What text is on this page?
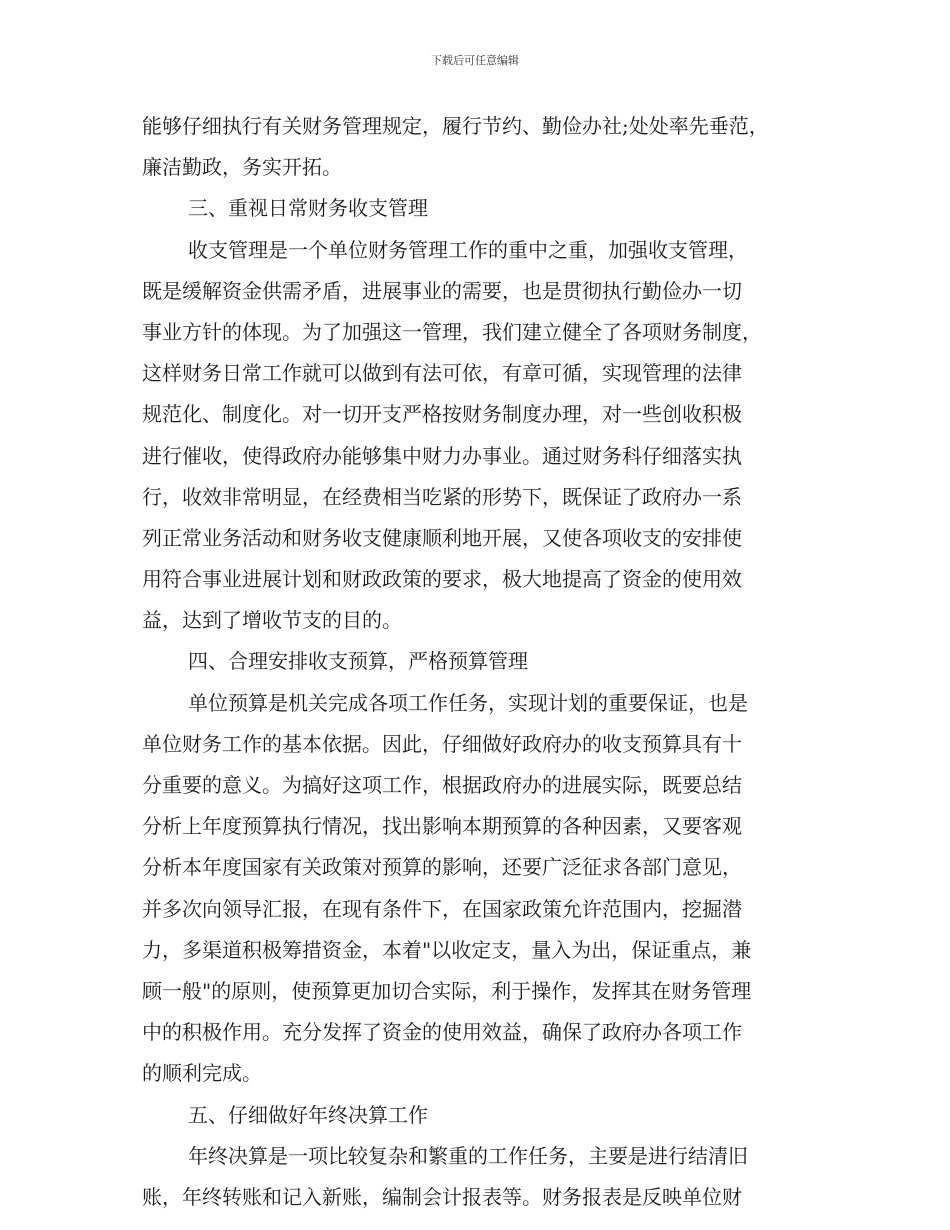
下载后可任意编辑
能够仔细执行有关财务管理规定，履行节约、勤俭办社;处处率先垂范，
廉洁勤政，务实开拓。
三、重视日常财务收支管理
收支管理是一个单位财务管理工作的重中之重，加强收支管理，
既是缓解资金供需矛盾，进展事业的需要，也是贯彻执行勤俭办一切
事业方针的体现。为了加强这一管理，我们建立健全了各项财务制度，
这样财务日常工作就可以做到有法可依，有章可循，实现管理的法律
规范化、制度化。对一切开支严格按财务制度办理，对一些创收积极
进行催收，使得政府办能够集中财力办事业。通过财务科仔细落实执
行，收效非常明显，在经费相当吃紧的形势下，既保证了政府办一系
列正常业务活动和财务收支健康顺利地开展，又使各项收支的安排使
用符合事业进展计划和财政政策的要求，极大地提高了资金的使用效
益，达到了增收节支的目的。
四、合理安排收支预算，严格预算管理
单位预算是机关完成各项工作任务，实现计划的重要保证，也是
单位财务工作的基本依据。因此，仔细做好政府办的收支预算具有十
分重要的意义。为搞好这项工作，根据政府办的进展实际，既要总结
分析上年度预算执行情况，找出影响本期预算的各种因素，又要客观
分析本年度国家有关政策对预算的影响，还要广泛征求各部门意见，
并多次向领导汇报，在现有条件下，在国家政策允许范围内，挖掘潜
力，多渠道积极筹措资金，本着"以收定支，量入为出，保证重点，兼
顾一般"的原则，使预算更加切合实际，利于操作，发挥其在财务管理
中的积极作用。充分发挥了资金的使用效益，确保了政府办各项工作
的顺利完成。
五、仔细做好年终决算工作
年终决算是一项比较复杂和繁重的工作任务，主要是进行结清旧
账，年终转账和记入新账，编制会计报表等。财务报表是反映单位财
